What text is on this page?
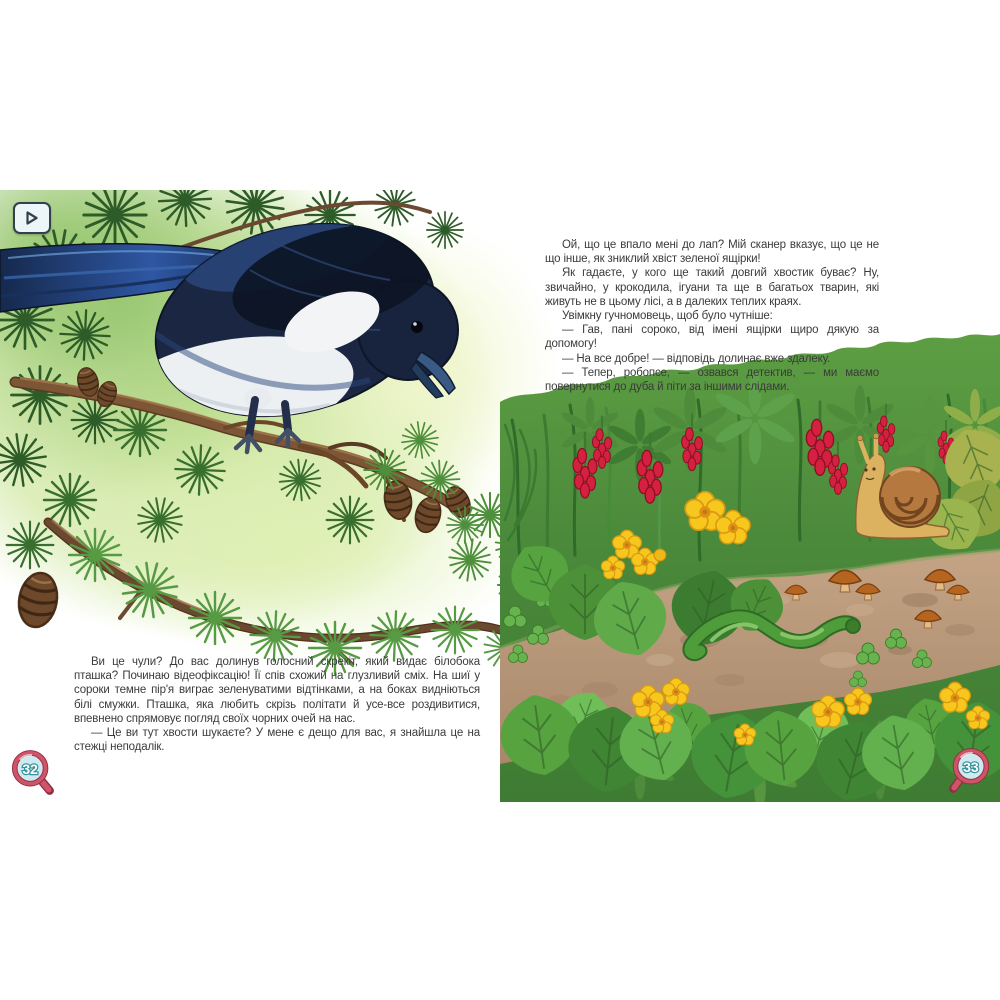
Ой, що це впало мені до лап? Мій сканер вказує, що це не що інше, як зниклий хвіст зеленої ящірки!

Як гадаєте, у кого ще такий довгий хвостик буває? Ну, звичайно, у крокодила, ігуани та ще в багатьох тварин, які живуть не в цьому лісі, а в далеких теплих краях.

Увімкну гучномовець, щоб було чутніше:

— Гав, пані сороко, від імені ящірки щиро дякую за допомогу!

— На все добре! — відповідь долинає вже здалеку.

— Тепер, робопсе, — озвався детектив, — ми маємо повернутися до дуба й піти за іншими слідами.

Ви це чули? До вас долинув голосний скрекіт, який видає білобока пташка? Починаю відеофіксацію! Її спів схожий на глузливий сміх. На шиї у сороки темне пір'я виграє зеленуватими відтінками, а на боках видніються білі смужки. Пташка, яка любить скрізь політати й усе-все роздивитися, впевнено спрямовує погляд своїх чорних очей на нас.

— Це ви тут хвости шукаєте? У мене є дещо для вас, я знайшла це на стежці неподалік.

32	33
